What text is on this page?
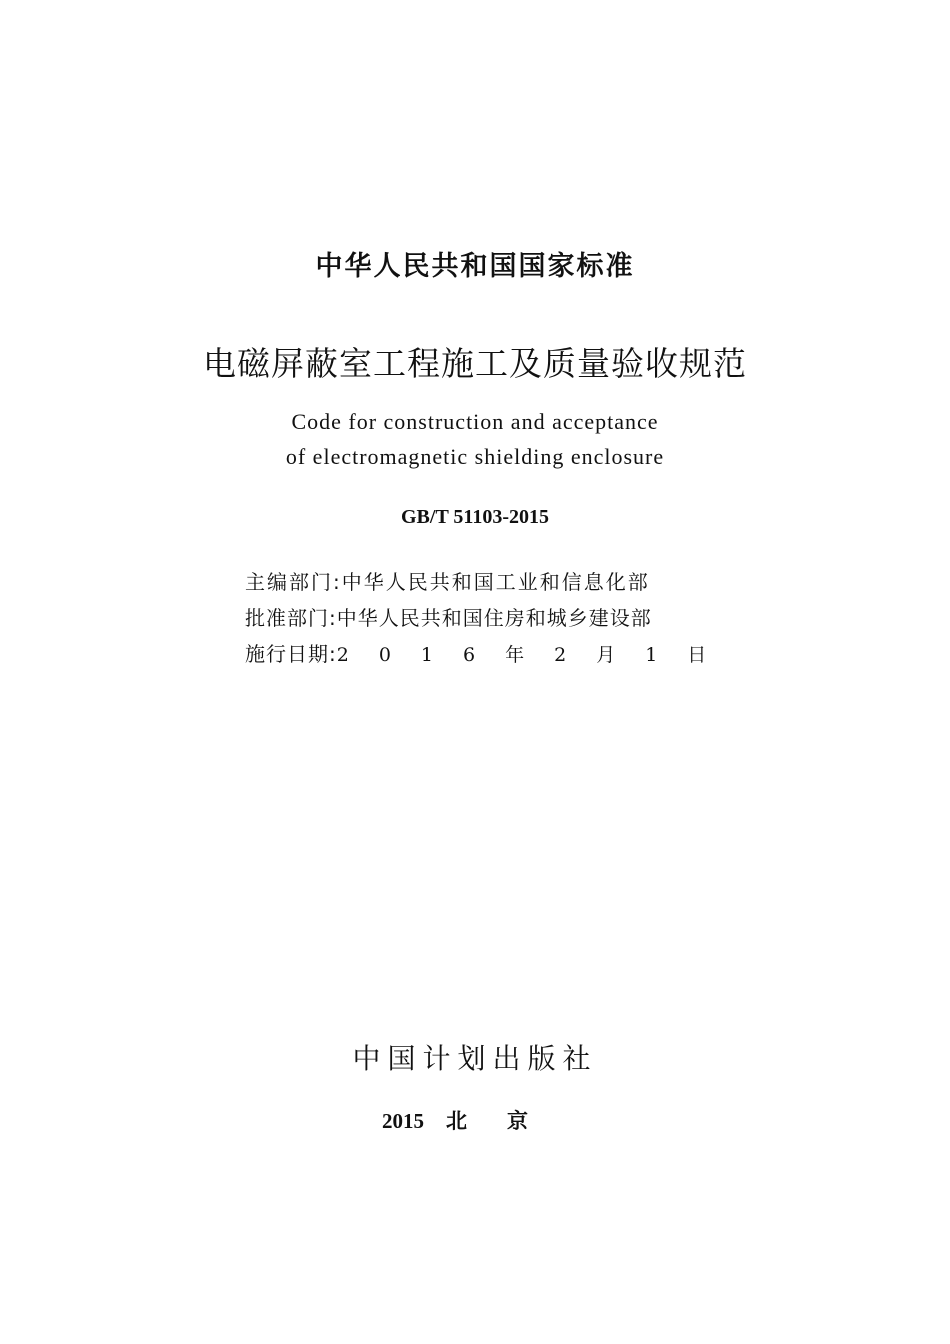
中华人民共和国国家标准
电磁屏蔽室工程施工及质量验收规范
Code for construction and acceptance
of electromagnetic shielding enclosure
GB/T 51103-2015
主编部门:中华人民共和国工业和信息化部
批准部门:中华人民共和国住房和城乡建设部
施行日期: 2016年2月1日
中国计划出版社
2015 北京
